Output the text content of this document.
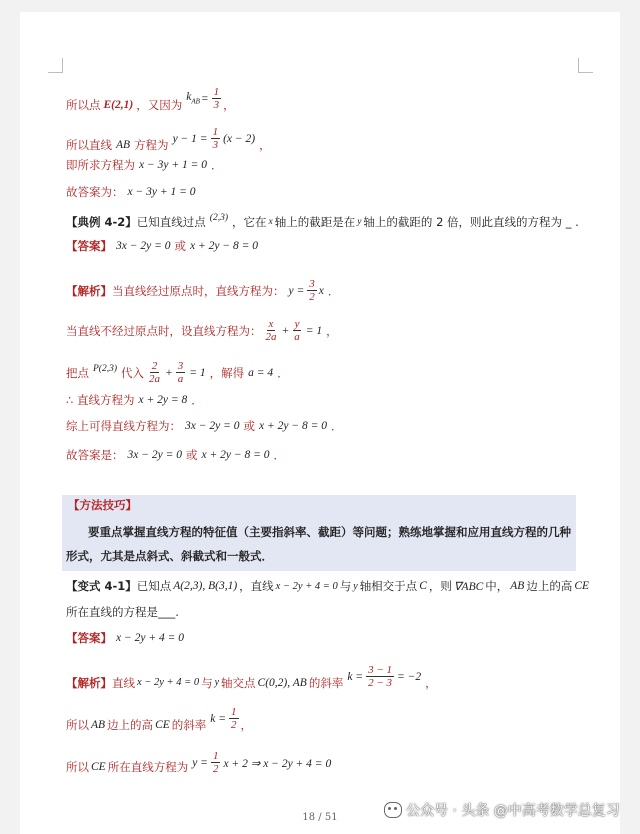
所以点 E(2,1) ，又因为
$k_{AB} = \frac{1}{3}$ ，
所以直线 AB 方程为 $y - 1 = \frac{1}{3} (x - 2)$ ，
即所求方程为 x − 3y + 1 = 0 ．
故答案为： x − 3y + 1 = 0
【典例 4-2】 已知直线过点 (2,3) ，它在 x 轴上的截距是在 y 轴上的截距的 2 倍，则此直线的方程为 _ .
【答案】 3x − 2y = 0 或 x + 2y − 8 = 0
【解析】 当直线经过原点时，直线方程为： $y = \frac{3}{2}$ x ．
当直线不经过原点时，设直线方程为： $\frac{x}{2a} + \frac{y}{a} = 1$ ，
把点 P(2,3) 代入 $\frac{2}{2a} + \frac{3}{a} = 1$ ，解得 a = 4 ．
∴ 直线方程为 x + 2y = 8 ．
综上可得直线方程为： 3x − 2y = 0 或 x + 2y − 8 = 0 ．
故答案是： 3x − 2y = 0 或 x + 2y − 8 = 0 ．
【方法技巧】
要重点掌握直线方程的特征值（主要指斜率、截距）等问题；熟练地掌握和应用直线方程的几种形式，尤其是点斜式、斜截式和一般式．
【变式 4-1】 已知点 A(2,3), B(3,1) ，直线 x − 2y + 4 = 0 与 y 轴相交于点 C ，则 ∇ABC 中， AB 边上的高 CE
所在直线的方程是___.
【答案】 x − 2y + 4 = 0
【解析】 直线 x − 2y + 4 = 0 与 y 轴交点 C(0,2), AB 的斜率 $k = \frac{3 - 1}{2 - 3} = -2$ ，
所以 AB 边上的高 CE 的斜率 $k = \frac{1}{2}$ ，
所以 CE 所在直线方程为 $y = \frac{1}{2}$ x + 2 ⇒ x − 2y + 4 = 0
18 / 51	公众号 · 头条 @中高考数学总复习
